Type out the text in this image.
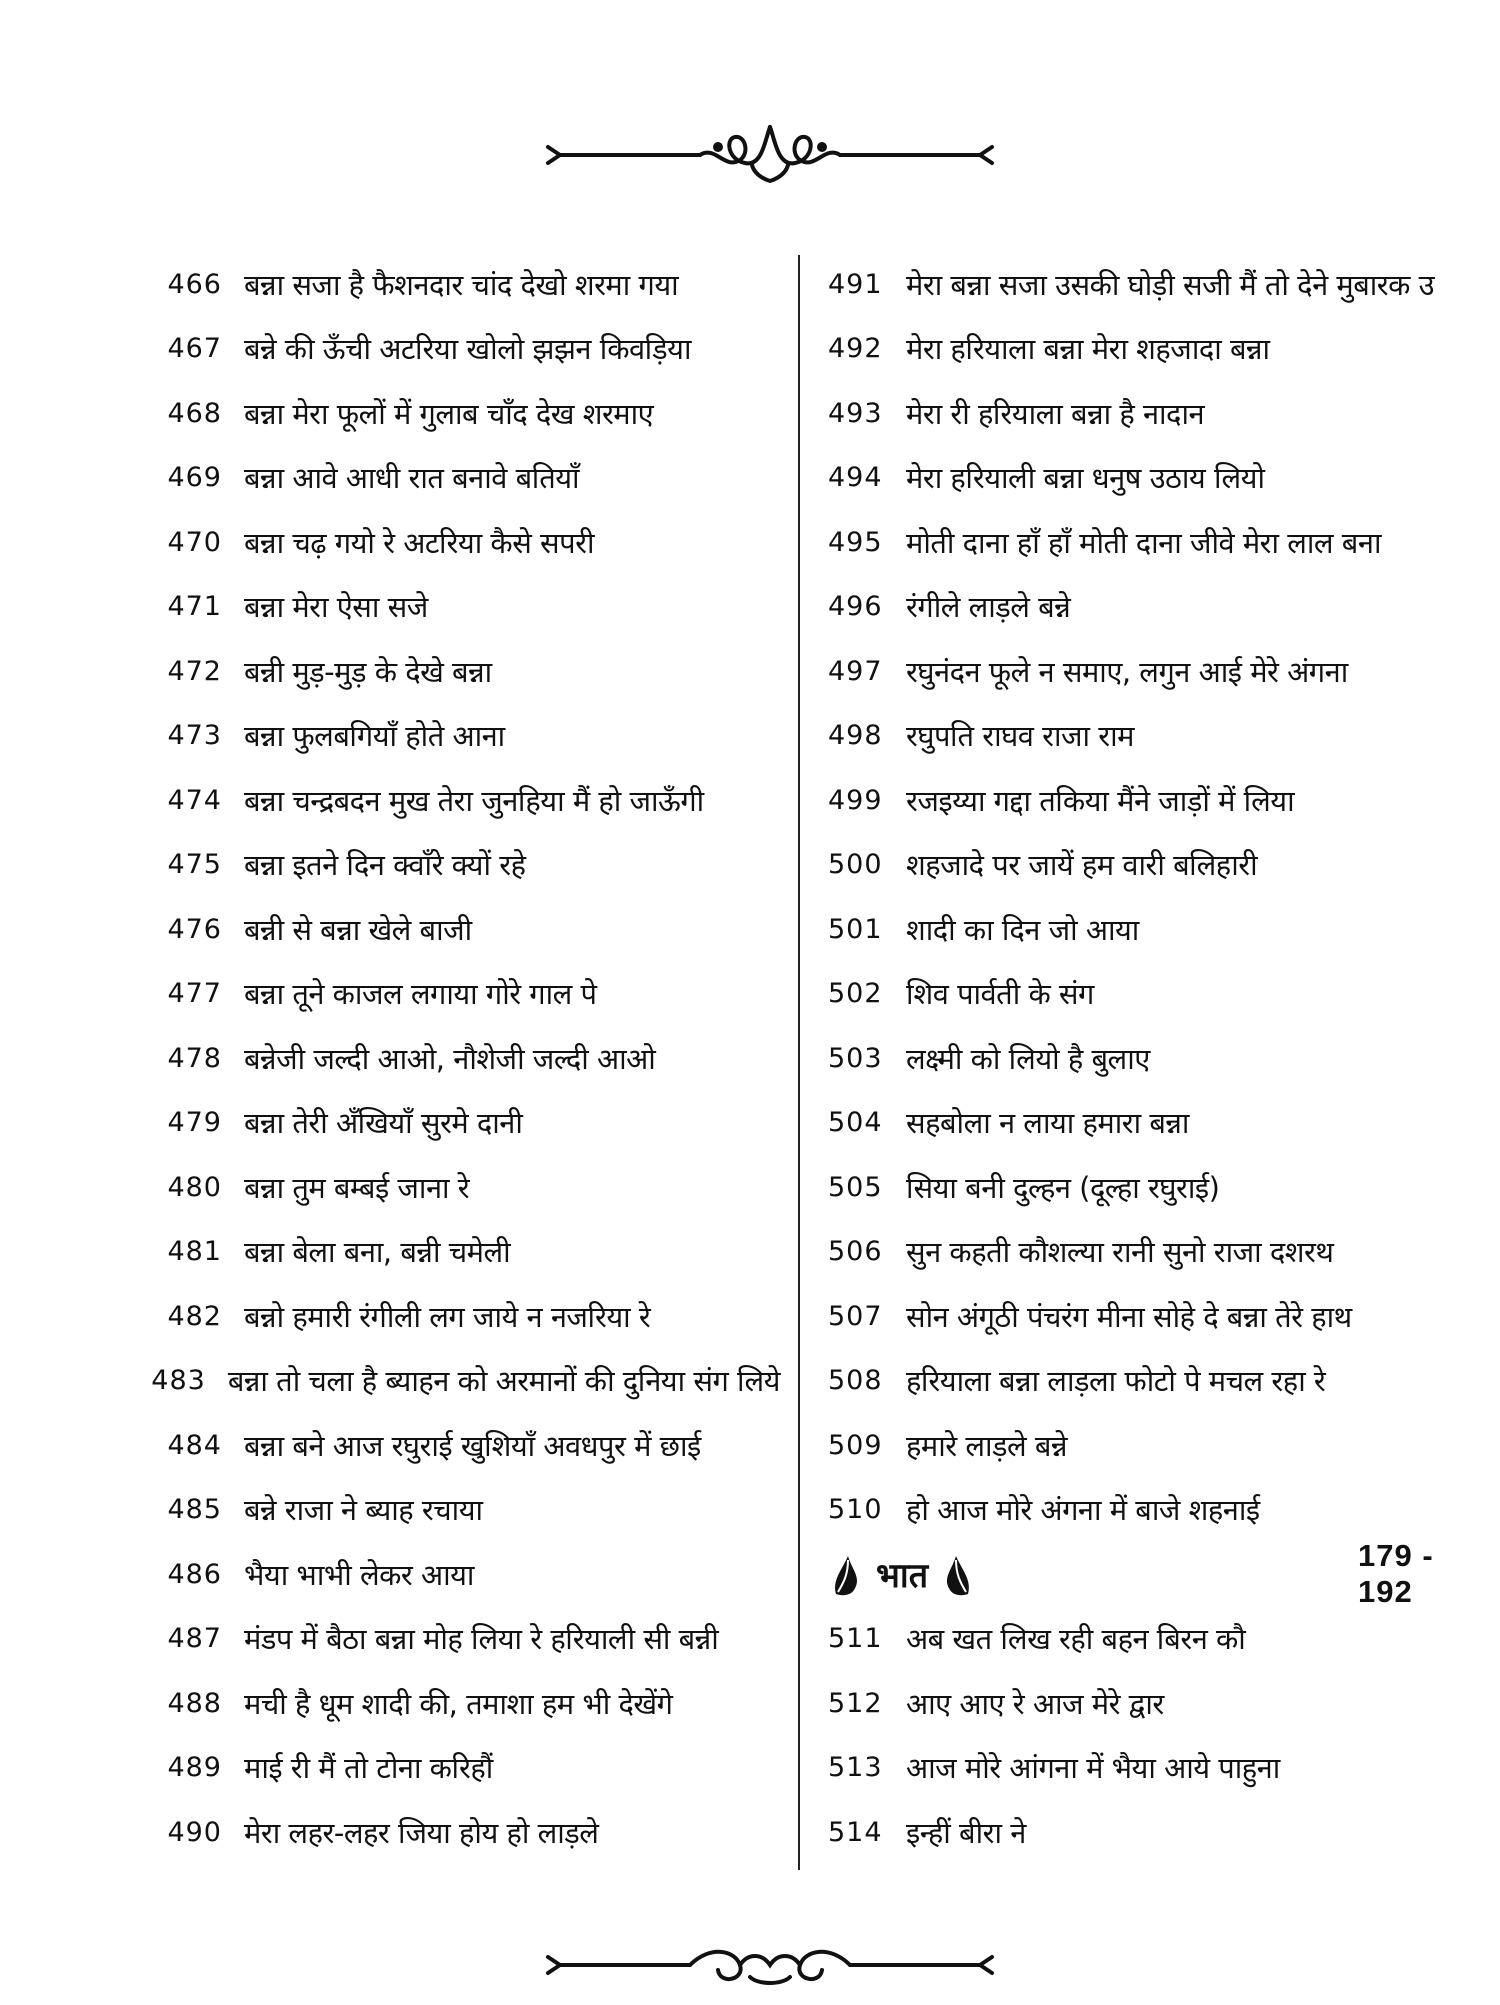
466 बन्ना सजा है फैशनदार चांद देखो शरमा गया
467 बन्ने की ऊँची अटरिया खोलो झझन किवड़िया
468 बन्ना मेरा फूलों में गुलाब चाँद देख शरमाए
469 बन्ना आवे आधी रात बनावे बतियाँ
470 बन्ना चढ़ गयो रे अटरिया कैसे सपरी
471 बन्ना मेरा ऐसा सजे
472 बन्नी मुड़-मुड़ के देखे बन्ना
473 बन्ना फुलबगियाँ होते आना
474 बन्ना चन्द्रबदन मुख तेरा जुनहिया मैं हो जाऊँगी
475 बन्ना इतने दिन क्वाँरे क्यों रहे
476 बन्नी से बन्ना खेले बाजी
477 बन्ना तूने काजल लगाया गोरे गाल पे
478 बन्नेजी जल्दी आओ, नौशेजी जल्दी आओ
479 बन्ना तेरी अँखियाँ सुरमे दानी
480 बन्ना तुम बम्बई जाना रे
481 बन्ना बेला बना, बन्नी चमेली
482 बन्नो हमारी रंगीली लग जाये न नजरिया रे
483 बन्ना तो चला है ब्याहन को अरमानों की दुनिया संग लिये
484 बन्ना बने आज रघुराई खुशियाँ अवधपुर में छाई
485 बन्ने राजा ने ब्याह रचाया
486 भैया भाभी लेकर आया
487 मंडप में बैठा बन्ना मोह लिया रे हरियाली सी बन्नी
488 मची है धूम शादी की, तमाशा हम भी देखेंगे
489 माई री मैं तो टोना करिहौं
490 मेरा लहर-लहर जिया होय हो लाड़ले
491 मेरा बन्ना सजा उसकी घोड़ी सजी मैं तो देने मुबारक उ
492 मेरा हरियाला बन्ना मेरा शहजादा बन्ना
493 मेरा री हरियाला बन्ना है नादान
494 मेरा हरियाली बन्ना धनुष उठाय लियो
495 मोती दाना हाँ हाँ मोती दाना जीवे मेरा लाल बना
496 रंगीले लाड़ले बन्ने
497 रघुनंदन फूले न समाए, लगुन आई मेरे अंगना
498 रघुपति राघव राजा राम
499 रजइय्या गद्दा तकिया मैंने जाड़ों में लिया
500 शहजादे पर जायें हम वारी बलिहारी
501 शादी का दिन जो आया
502 शिव पार्वती के संग
503 लक्ष्मी को लियो है बुलाए
504 सहबोला न लाया हमारा बन्ना
505 सिया बनी दुल्हन (दूल्हा रघुराई)
506 सुन कहती कौशल्या रानी सुनो राजा दशरथ
507 सोन अंगूठी पंचरंग मीना सोहे दे बन्ना तेरे हाथ
508 हरियाला बन्ना लाड़ला फोटो पे मचल रहा रे
509 हमारे लाड़ले बन्ने
510 हो आज मोरे अंगना में बाजे शहनाई
भात
179 - 192
511 अब खत लिख रही बहन बिरन कौ
512 आए आए रे आज मेरे द्वार
513 आज मोरे आंगना में भैया आये पाहुना
514 इन्हीं बीरा ने
